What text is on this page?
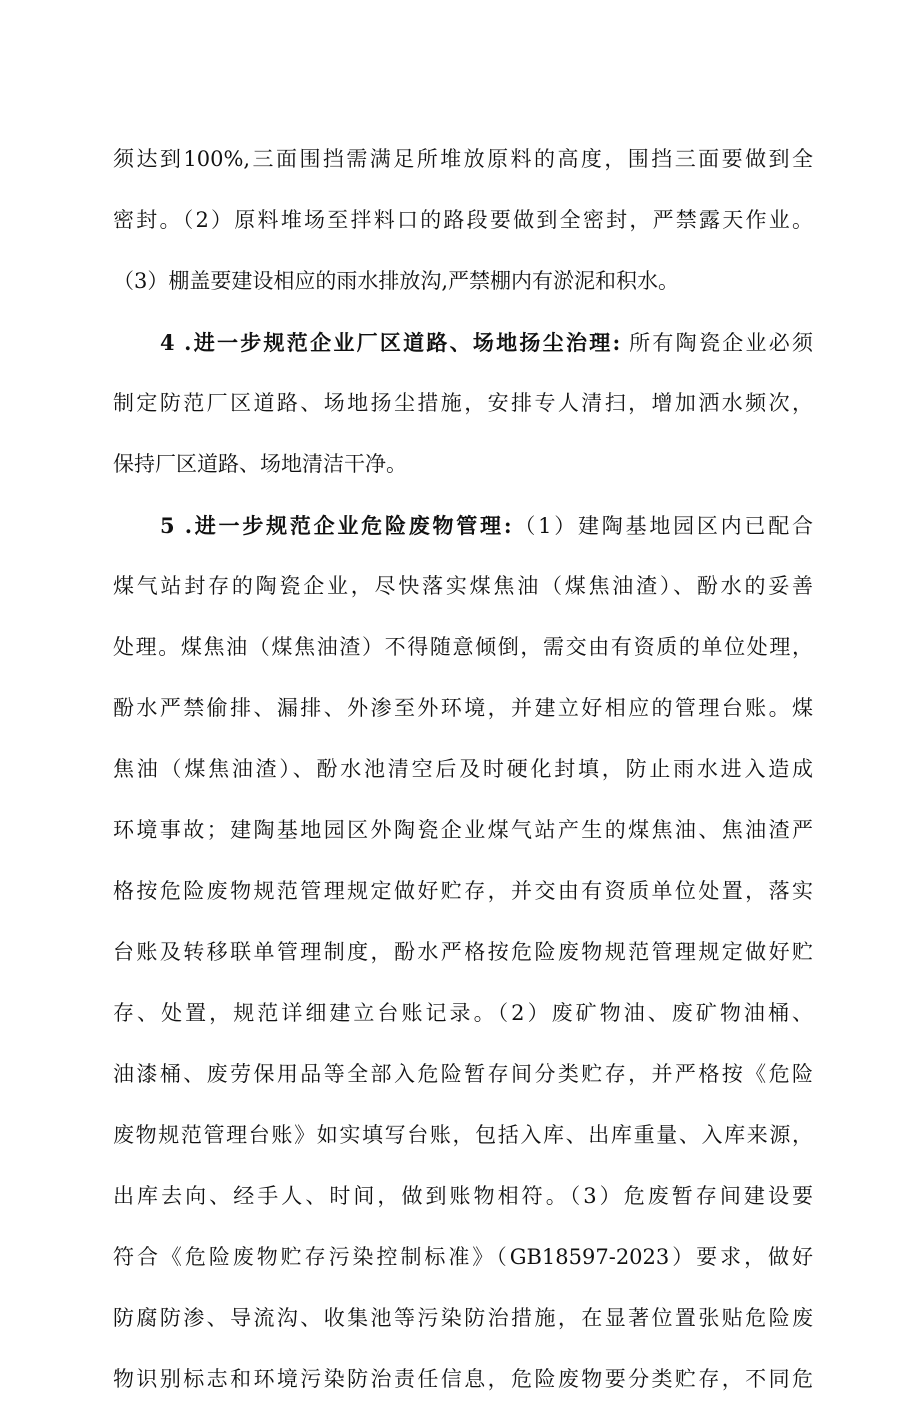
须达到100%,三面围挡需满足所堆放原料的高度，围挡三面要做到全
密封。（2）原料堆场至拌料口的路段要做到全密封，严禁露天作业。
（3）棚盖要建设相应的雨水排放沟,严禁棚内有淤泥和积水。
4 .进一步规范企业厂区道路、场地扬尘治理: 所有陶瓷企业必须
制定防范厂区道路、场地扬尘措施，安排专人清扫，增加洒水频次，
保持厂区道路、场地清洁干净。
5 .进一步规范企业危险废物管理:（1）建陶基地园区内已配合
煤气站封存的陶瓷企业，尽快落实煤焦油（煤焦油渣）、酚水的妥善
处理。煤焦油（煤焦油渣）不得随意倾倒，需交由有资质的单位处理，
酚水严禁偷排、漏排、外渗至外环境，并建立好相应的管理台账。煤
焦油（煤焦油渣）、酚水池清空后及时硬化封填，防止雨水进入造成
环境事故；建陶基地园区外陶瓷企业煤气站产生的煤焦油、焦油渣严
格按危险废物规范管理规定做好贮存，并交由有资质单位处置，落实
台账及转移联单管理制度，酚水严格按危险废物规范管理规定做好贮
存、处置，规范详细建立台账记录。（2）废矿物油、废矿物油桶、
油漆桶、废劳保用品等全部入危险暂存间分类贮存，并严格按《危险
废物规范管理台账》如实填写台账，包括入库、出库重量、入库来源，
出库去向、经手人、时间，做到账物相符。（3）危废暂存间建设要
符合《危险废物贮存污染控制标准》（GB18597-2023）要求，做好
防腐防渗、导流沟、收集池等污染防治措施，在显著位置张贴危险废
物识别标志和环境污染防治责任信息，危险废物要分类贮存，不同危
